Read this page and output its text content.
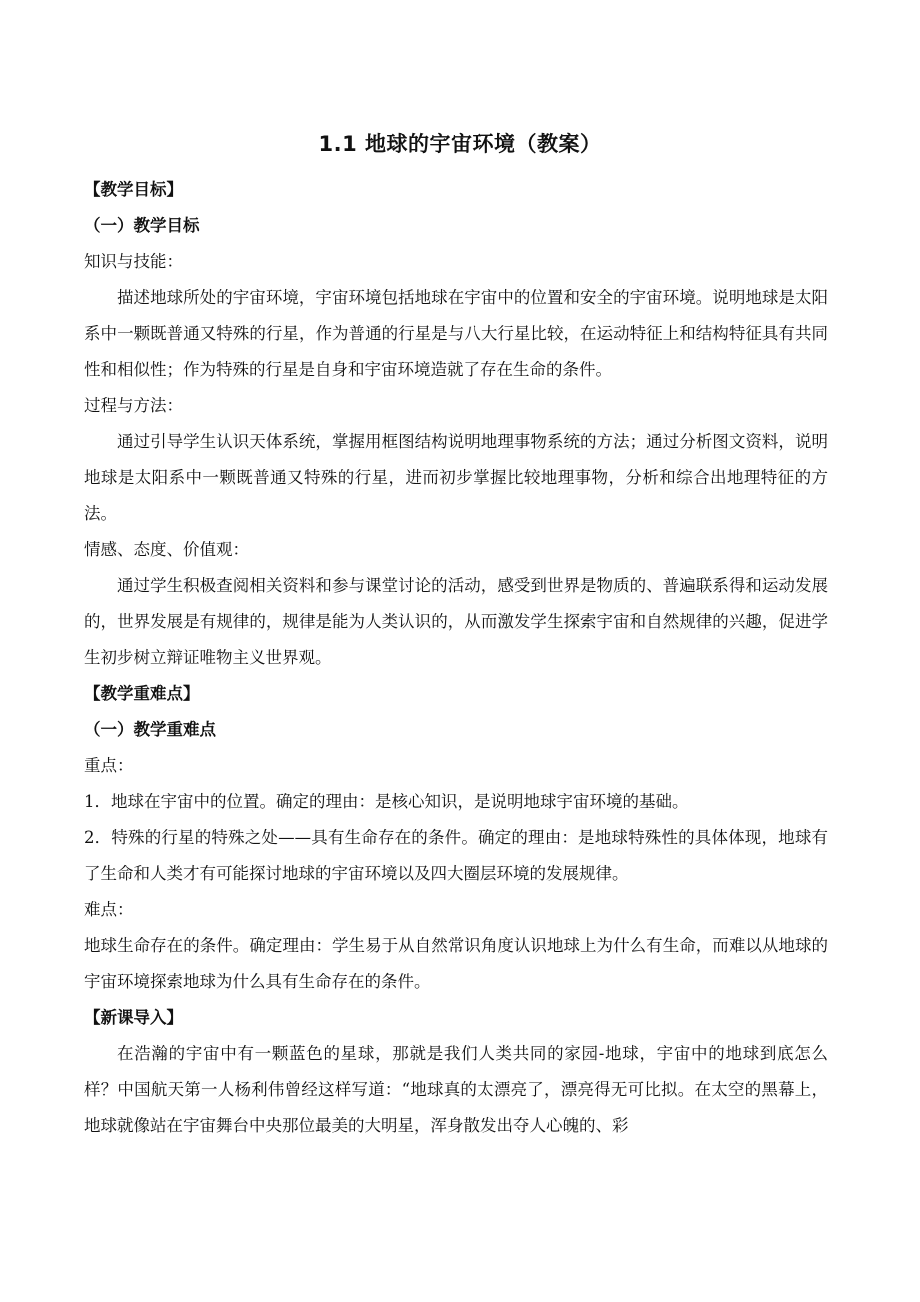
1.1 地球的宇宙环境（教案）

【教学目标】

（一）教学目标

知识与技能：

描述地球所处的宇宙环境，宇宙环境包括地球在宇宙中的位置和安全的宇宙环境。说明地球是太阳系中一颗既普通又特殊的行星，作为普通的行星是与八大行星比较，在运动特征上和结构特征具有共同性和相似性；作为特殊的行星是自身和宇宙环境造就了存在生命的条件。

过程与方法：

通过引导学生认识天体系统，掌握用框图结构说明地理事物系统的方法；通过分析图文资料，说明地球是太阳系中一颗既普通又特殊的行星，进而初步掌握比较地理事物，分析和综合出地理特征的方法。

情感、态度、价值观：

通过学生积极查阅相关资料和参与课堂讨论的活动，感受到世界是物质的、普遍联系得和运动发展的，世界发展是有规律的，规律是能为人类认识的，从而激发学生探索宇宙和自然规律的兴趣，促进学生初步树立辩证唯物主义世界观。

【教学重难点】

（一）教学重难点

重点：

1．地球在宇宙中的位置。确定的理由：是核心知识，是说明地球宇宙环境的基础。

2．特殊的行星的特殊之处——具有生命存在的条件。确定的理由：是地球特殊性的具体体现，地球有了生命和人类才有可能探讨地球的宇宙环境以及四大圈层环境的发展规律。

难点：

地球生命存在的条件。确定理由：学生易于从自然常识角度认识地球上为什么有生命，而难以从地球的宇宙环境探索地球为什么具有生命存在的条件。

【新课导入】

在浩瀚的宇宙中有一颗蓝色的星球，那就是我们人类共同的家园-地球，宇宙中的地球到底怎么样？中国航天第一人杨利伟曾经这样写道：“地球真的太漂亮了，漂亮得无可比拟。在太空的黑幕上，地球就像站在宇宙舞台中央那位最美的大明星，浑身散发出夺人心魄的、彩
